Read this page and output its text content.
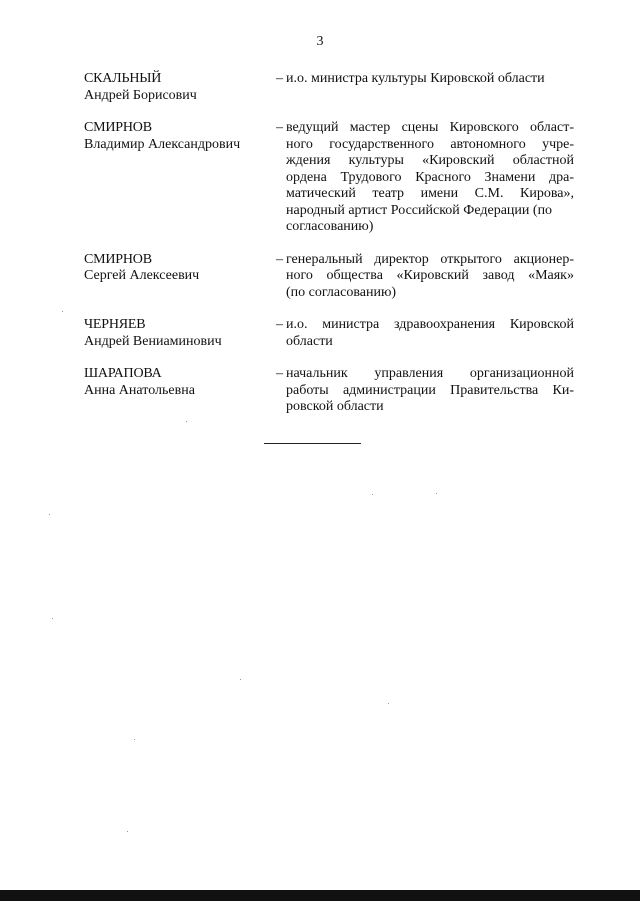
3
СКАЛЬНЫЙ
Андрей Борисович
– и.о. министра культуры Кировской области
СМИРНОВ
Владимир Александрович
– ведущий мастер сцены Кировского област-
ного государственного автономного учре-
ждения культуры «Кировский областной
ордена Трудового Красного Знамени дра-
матический театр имени С.М. Кирова»,
народный артист Российской Федерации (по
согласованию)
СМИРНОВ
Сергей Алексеевич
– генеральный директор открытого акционер-
ного общества «Кировский завод «Маяк»
(по согласованию)
ЧЕРНЯЕВ
Андрей Вениаминович
– и.о. министра здравоохранения Кировской
области
ШАРАПОВА
Анна Анатольевна
– начальник управления организационной
работы администрации Правительства Ки-
ровской области
